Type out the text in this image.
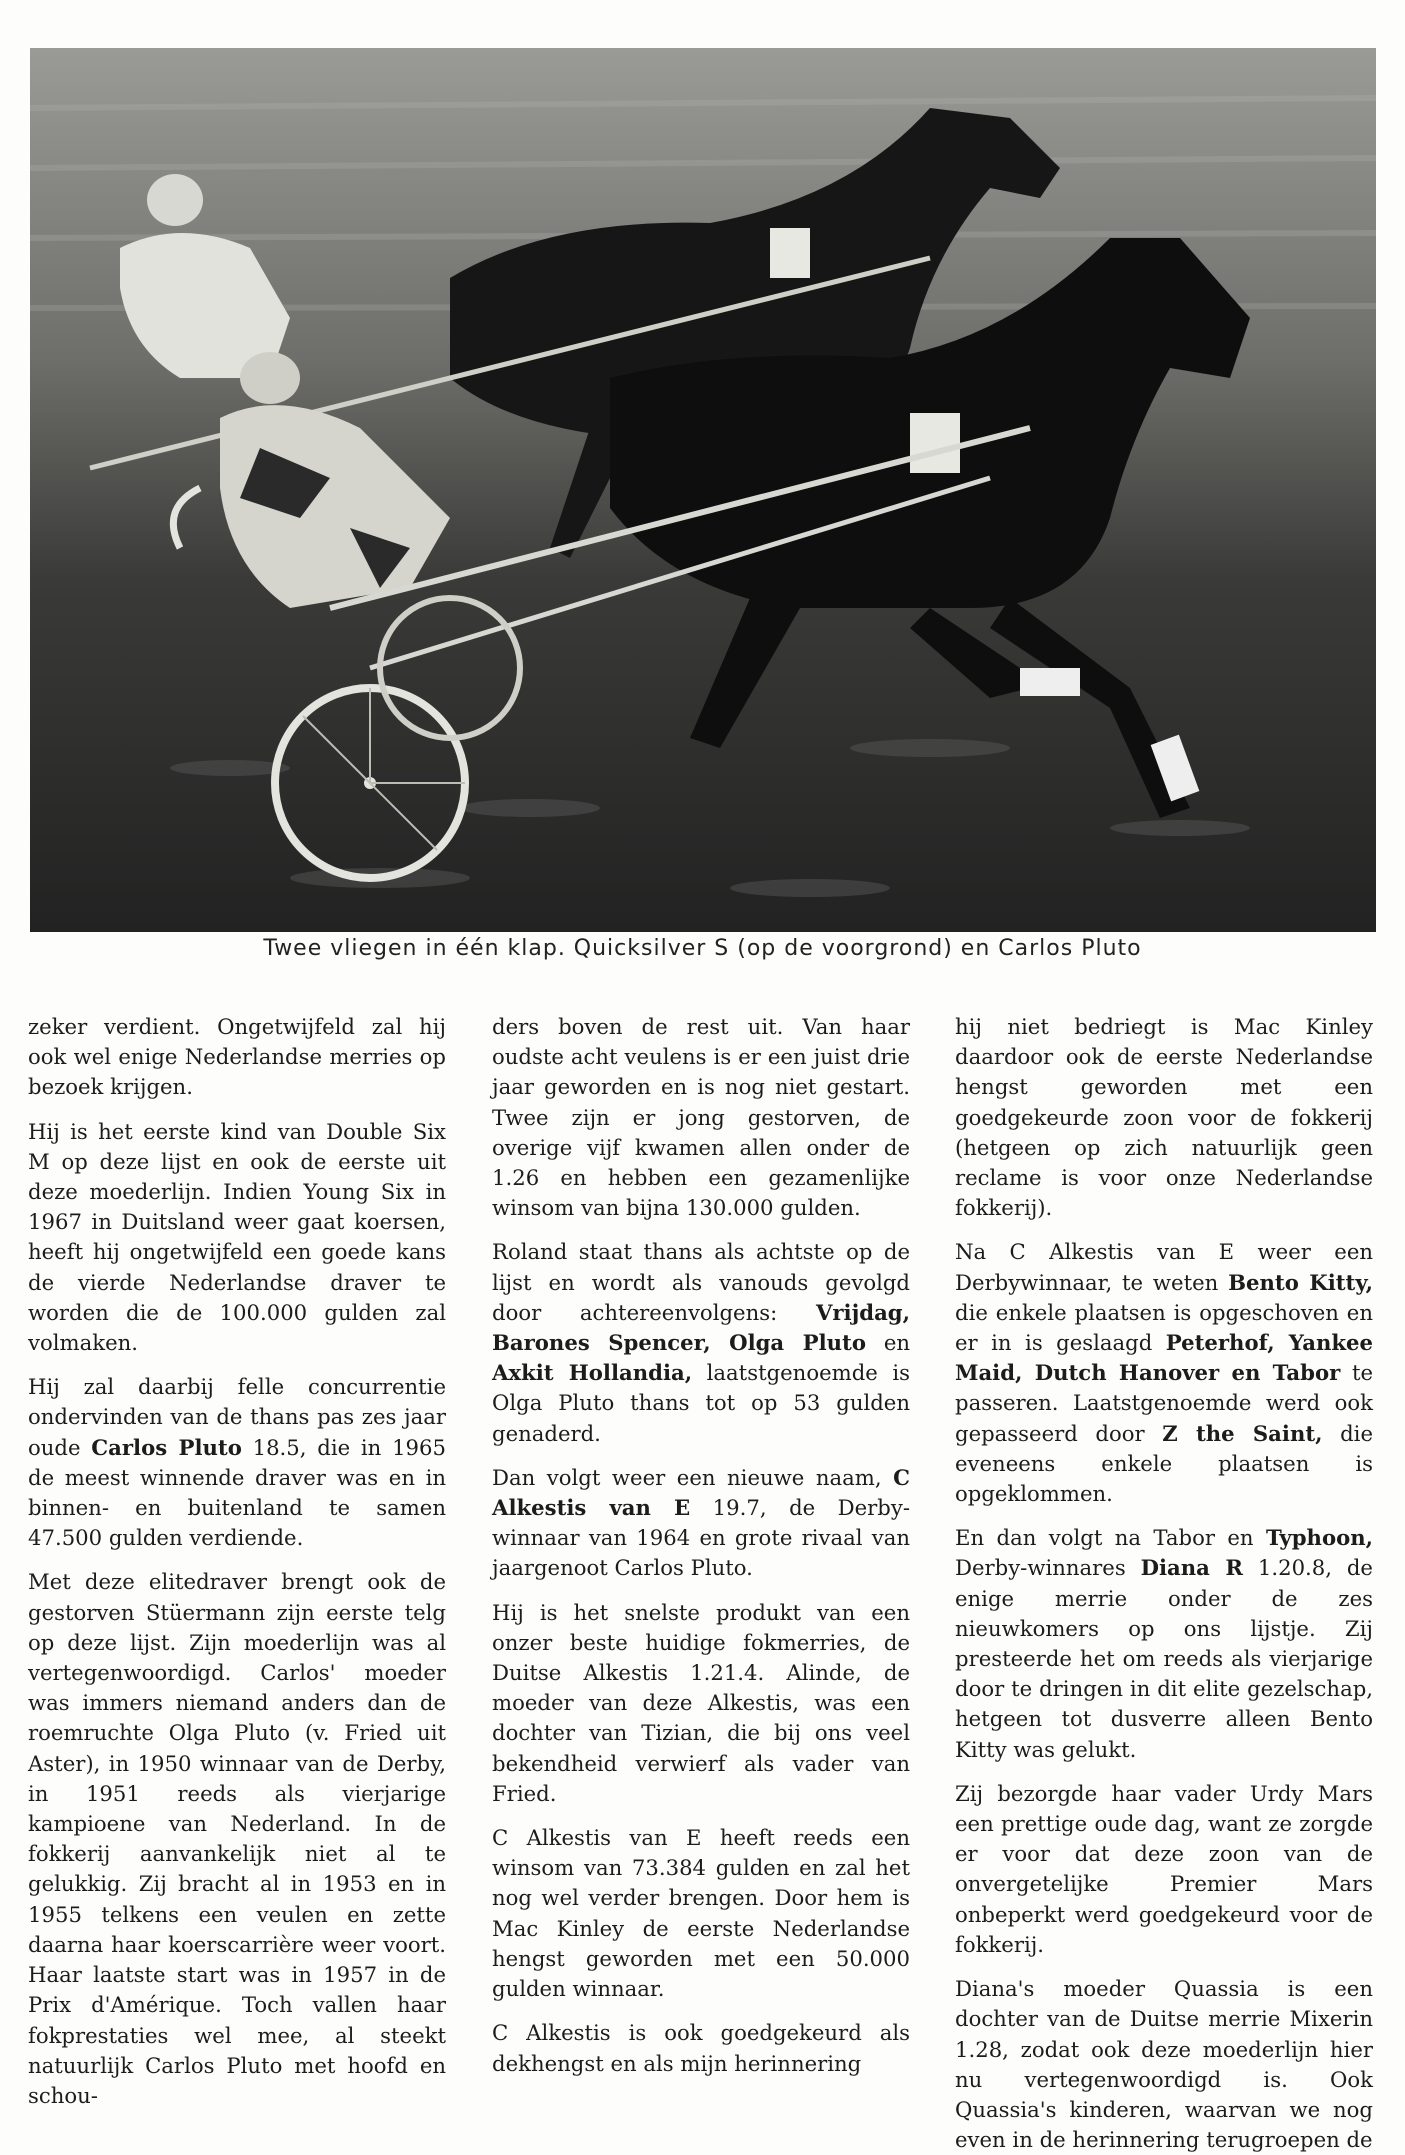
Twee vliegen in één klap. Quicksilver S (op de voorgrond) en Carlos Pluto

zeker verdient. Ongetwijfeld zal hij ook wel enige Nederlandse merries op bezoek krijgen.

Hij is het eerste kind van Double Six M op deze lijst en ook de eerste uit deze moederlijn. Indien Young Six in 1967 in Duitsland weer gaat koersen, heeft hij ongetwijfeld een goede kans de vierde Nederlandse draver te worden die de 100.000 gulden zal volmaken.

Hij zal daarbij felle concurrentie ondervinden van de thans pas zes jaar oude Carlos Pluto 18.5, die in 1965 de meest winnende draver was en in binnen- en buitenland te samen 47.500 gulden verdiende.

Met deze elitedraver brengt ook de gestorven Stüermann zijn eerste telg op deze lijst. Zijn moederlijn was al vertegenwoordigd. Carlos' moeder was immers niemand anders dan de roemruchte Olga Pluto (v. Fried uit Aster), in 1950 winnaar van de Derby, in 1951 reeds als vierjarige kampioene van Nederland. In de fokkerij aanvankelijk niet al te gelukkig. Zij bracht al in 1953 en in 1955 telkens een veulen en zette daarna haar koerscarrière weer voort. Haar laatste start was in 1957 in de Prix d'Amérique. Toch vallen haar fokprestaties wel mee, al steekt natuurlijk Carlos Pluto met hoofd en schou-

ders boven de rest uit. Van haar oudste acht veulens is er een juist drie jaar geworden en is nog niet gestart. Twee zijn er jong gestorven, de overige vijf kwamen allen onder de 1.26 en hebben een gezamenlijke winsom van bijna 130.000 gulden.

Roland staat thans als achtste op de lijst en wordt als vanouds gevolgd door achtereenvolgens: Vrijdag, Barones Spencer, Olga Pluto en Axkit Hollandia, laatstgenoemde is Olga Pluto thans tot op 53 gulden genaderd.

Dan volgt weer een nieuwe naam, C Alkestis van E 19.7, de Derby-winnaar van 1964 en grote rivaal van jaargenoot Carlos Pluto.

Hij is het snelste produkt van een onzer beste huidige fokmerries, de Duitse Alkestis 1.21.4. Alinde, de moeder van deze Alkestis, was een dochter van Tizian, die bij ons veel bekendheid verwierf als vader van Fried.

C Alkestis van E heeft reeds een winsom van 73.384 gulden en zal het nog wel verder brengen. Door hem is Mac Kinley de eerste Nederlandse hengst geworden met een 50.000 gulden winnaar.

C Alkestis is ook goedgekeurd als dekhengst en als mijn herinnering

hij niet bedriegt is Mac Kinley daardoor ook de eerste Nederlandse hengst geworden met een goedgekeurde zoon voor de fokkerij (hetgeen op zich natuurlijk geen reclame is voor onze Nederlandse fokkerij).

Na C Alkestis van E weer een Derbywinnaar, te weten Bento Kitty, die enkele plaatsen is opgeschoven en er in is geslaagd Peterhof, Yankee Maid, Dutch Hanover en Tabor te passeren. Laatstgenoemde werd ook gepasseerd door Z the Saint, die eveneens enkele plaatsen is opgeklommen.

En dan volgt na Tabor en Typhoon, Derby-winnares Diana R 1.20.8, de enige merrie onder de zes nieuwkomers op ons lijstje. Zij presteerde het om reeds als vierjarige door te dringen in dit elite gezelschap, hetgeen tot dusverre alleen Bento Kitty was gelukt.

Zij bezorgde haar vader Urdy Mars een prettige oude dag, want ze zorgde er voor dat deze zoon van de onvergetelijke Premier Mars onbeperkt werd goedgekeurd voor de fokkerij.

Diana's moeder Quassia is een dochter van de Duitse merrie Mixerin 1.28, zodat ook deze moederlijn hier nu vertegenwoordigd is. Ook Quassia's kinderen, waarvan we nog even in de herinnering terugroepen de
